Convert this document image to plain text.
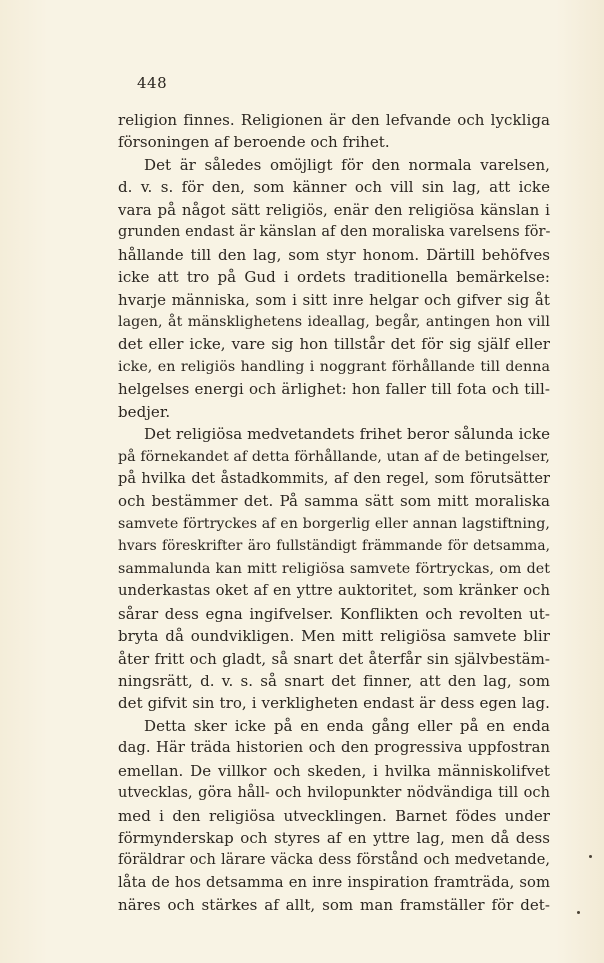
448
religion finnes. Religionen är den lefvande och lyckliga
försoningen af beroende och frihet.
Det är således omöjligt för den normala varelsen,
d. v. s. för den, som känner och vill sin lag, att icke
vara på något sätt religiös, enär den religiösa känslan i
grunden endast är känslan af den moraliska varelsens för-
hållande till den lag, som styr honom. Därtill behöfves
icke att tro på Gud i ordets traditionella bemärkelse:
hvarje människa, som i sitt inre helgar och gifver sig åt
lagen, åt mänsklighetens ideallag, begår, antingen hon vill
det eller icke, vare sig hon tillstår det för sig själf eller
icke, en religiös handling i noggrant förhållande till denna
helgelses energi och ärlighet: hon faller till fota och till-
bedjer.
Det religiösa medvetandets frihet beror sålunda icke
på förnekandet af detta förhållande, utan af de betingelser,
på hvilka det åstadkommits, af den regel, som förutsätter
och bestämmer det. På samma sätt som mitt moraliska
samvete förtryckes af en borgerlig eller annan lagstiftning,
hvars föreskrifter äro fullständigt främmande för detsamma,
sammalunda kan mitt religiösa samvete förtryckas, om det
underkastas oket af en yttre auktoritet, som kränker och
sårar dess egna ingifvelser. Konflikten och revolten ut-
bryta då oundvikligen. Men mitt religiösa samvete blir
åter fritt och gladt, så snart det återfår sin självbestäm-
ningsrätt, d. v. s. så snart det finner, att den lag, som
det gifvit sin tro, i verkligheten endast är dess egen lag.
Detta sker icke på en enda gång eller på en enda
dag. Här träda historien och den progressiva uppfostran
emellan. De villkor och skeden, i hvilka människolifvet
utvecklas, göra håll- och hvilopunkter nödvändiga till och
med i den religiösa utvecklingen. Barnet födes under
förmynderskap och styres af en yttre lag, men då dess
föräldrar och lärare väcka dess förstånd och medvetande,
låta de hos detsamma en inre inspiration framträda, som
näres och stärkes af allt, som man framställer för det-
